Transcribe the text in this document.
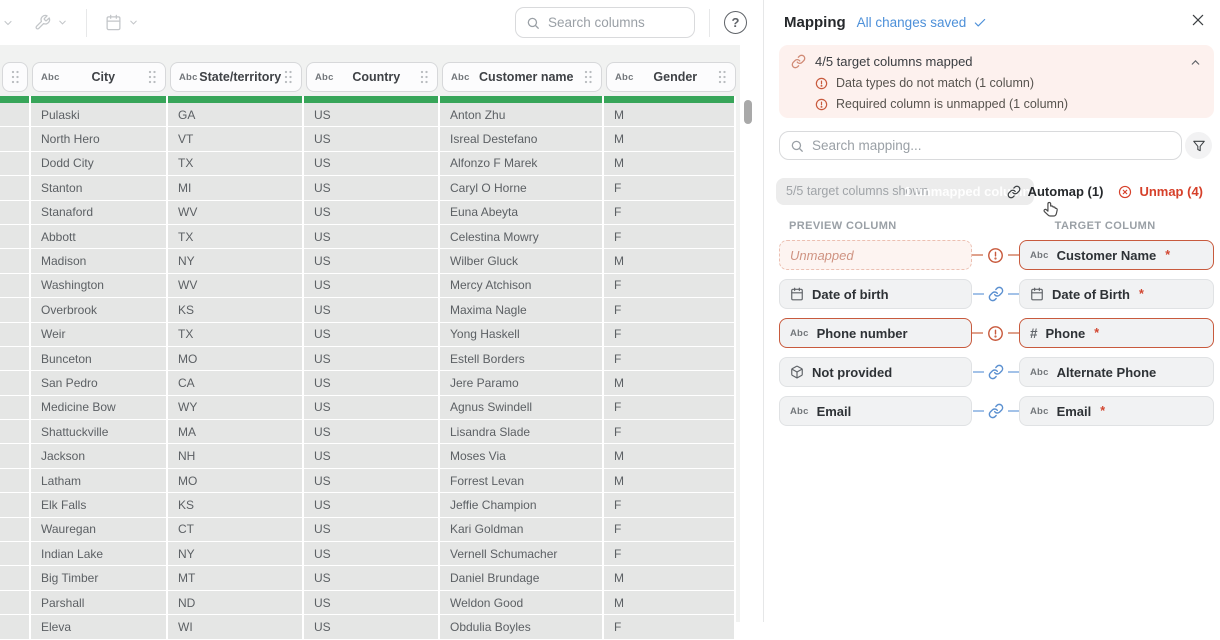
Search columns
?
Abc	City	Abc State/territory	Abc	Country	Abc Customer name	Abc	Gender
Pulaski	GA	US	Anton Zhu	M
North Hero	VT	US	Isreal Destefano	M
Dodd City	TX	US	Alfonzo F Marek	M
Stanton	MI	US	Caryl O Horne	F
Stanaford	WV	US	Euna Abeyta	F
Abbott	TX	US	Celestina Mowry	F
Madison	NY	US	Wilber Gluck	M
Washington	WV	US	Mercy Atchison	F
Overbrook	KS	US	Maxima Nagle	F
Weir	TX	US	Yong Haskell	F
Bunceton	MO	US	Estell Borders	F
San Pedro	CA	US	Jere Paramo	M
Medicine Bow	WY	US	Agnus Swindell	F
Shattuckville	MA	US	Lisandra Slade	F
Jackson	NH	US	Moses Via	M
Latham	MO	US	Forrest Levan	M
Elk Falls	KS	US	Jeffie Champion	F
Wauregan	CT	US	Kari Goldman	F
Indian Lake	NY	US	Vernell Schumacher	F
Big Timber	MT	US	Daniel Brundage	M
Parshall	ND	US	Weldon Good	M
Eleva	WI	US	Obdulia Boyles	F
Mapping All changes saved
4/5 target columns mapped
Data types do not match (1 column)
Required column is unmapped (1 column)
Search mapping...
5/5 target columns shown
1 unmapped column
Automap (1)	Unmap (4)
PREVIEW COLUMN	TARGET COLUMN
Unmapped	Abc Customer Name *
Date of birth	Date of Birth *
Abc Phone number	# Phone *
Not provided	Abc Alternate Phone
Abc Email	Abc Email *
